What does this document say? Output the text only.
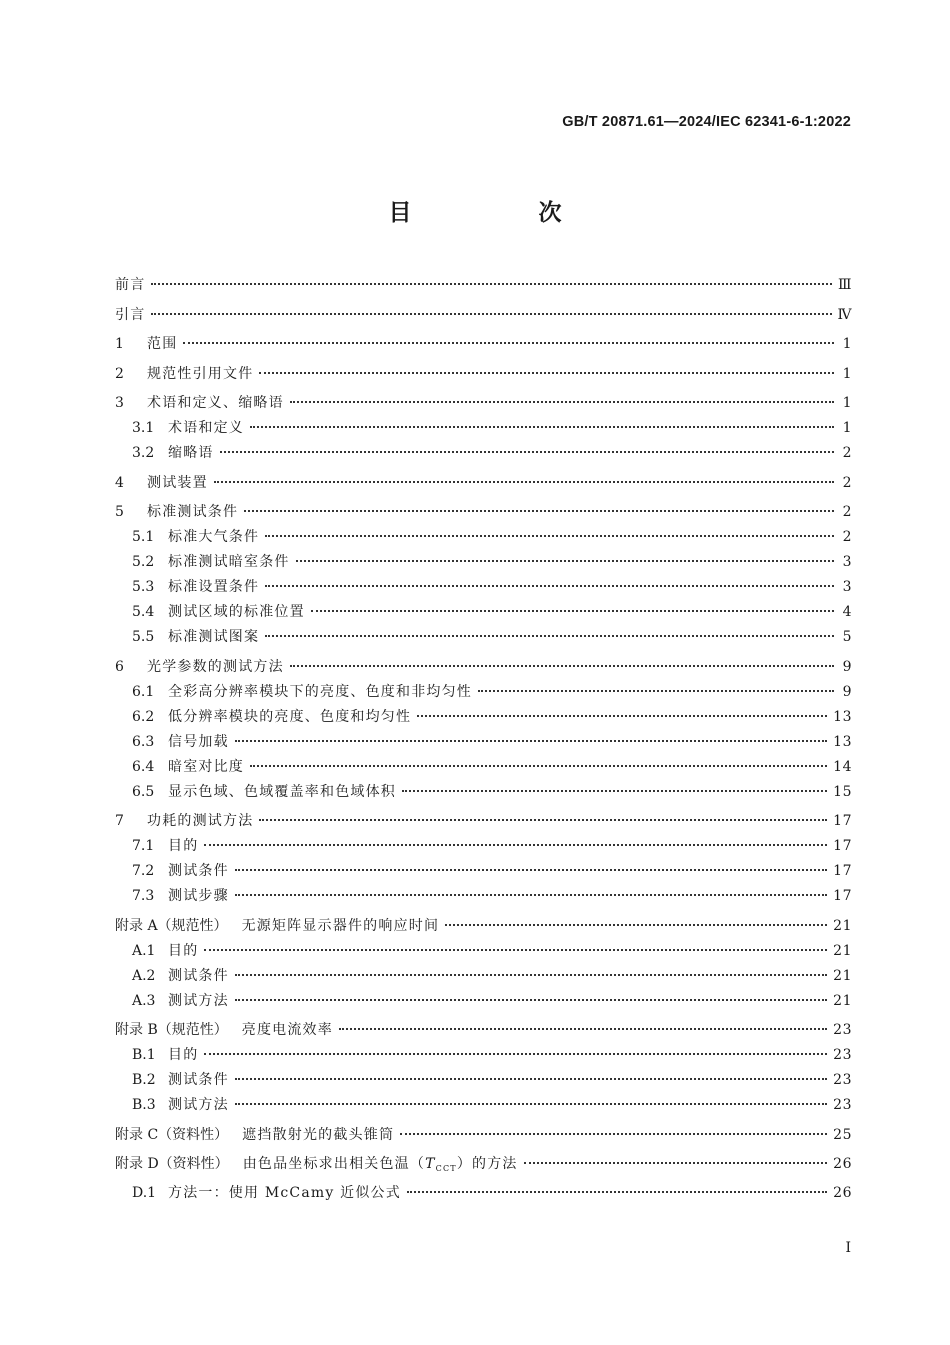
GB/T 20871.61—2024/IEC 62341-6-1:2022
目　次
前言	Ⅲ
引言	Ⅳ
1	范围	1
2	规范性引用文件	1
3	术语和定义、缩略语	1
3.1 术语和定义	1
3.2 缩略语	2
4	测试装置	2
5	标准测试条件	2
5.1 标准大气条件	2
5.2 标准测试暗室条件	3
5.3 标准设置条件	3
5.4 测试区域的标准位置	4
5.5 标准测试图案	5
6	光学参数的测试方法	9
6.1 全彩高分辨率模块下的亮度、色度和非均匀性	9
6.2 低分辨率模块的亮度、色度和均匀性	13
6.3 信号加载	13
6.4 暗室对比度	14
6.5 显示色域、色域覆盖率和色域体积	15
7	功耗的测试方法	17
7.1 目的	17
7.2 测试条件	17
7.3 测试步骤	17
附录 A（规范性）	无源矩阵显示器件的响应时间	21
A.1 目的	21
A.2 测试条件	21
A.3 测试方法	21
附录 B（规范性）	亮度电流效率	23
B.1 目的	23
B.2 测试条件	23
B.3 测试方法	23
附录 C（资料性）	遮挡散射光的截头锥筒	25
附录 D（资料性）	由色品坐标求出相关色温$(T_{CCT})$的方法	26
D.1 方法一：使用 McCamy 近似公式	26
I
